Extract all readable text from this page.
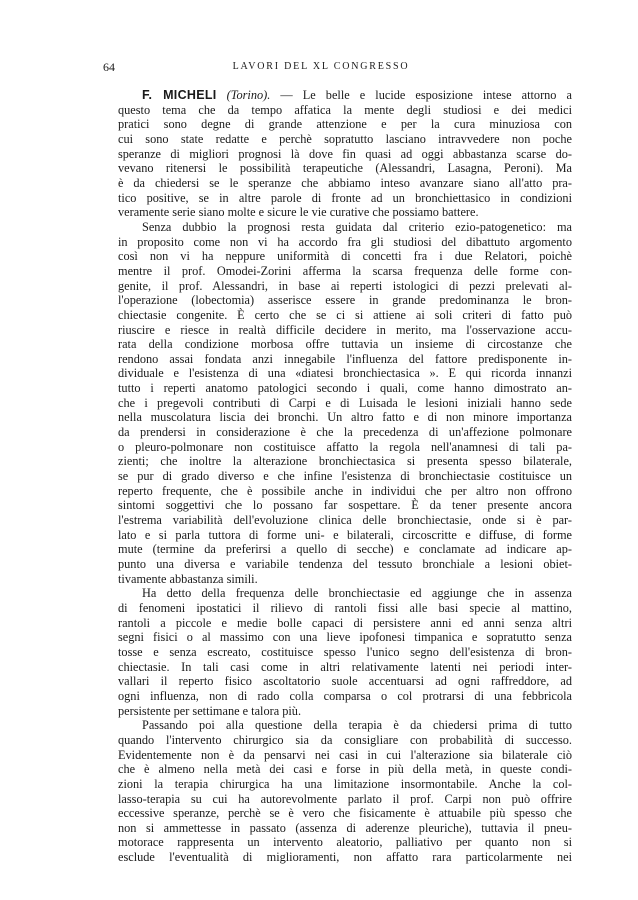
64	LAVORI DEL XL CONGRESSO
F. MICHELI (Torino). — Le belle e lucide esposizione intese attorno a
questo tema che da tempo affatica la mente degli studiosi e dei medici
pratici sono degne di grande attenzione e per la cura minuziosa con
cui sono state redatte e perchè sopratutto lasciano intravvedere non poche
speranze di migliori prognosi là dove fin quasi ad oggi abbastanza scarse do-
vevano ritenersi le possibilità terapeutiche (Alessandri, Lasagna, Peroni). Ma
è da chiedersi se le speranze che abbiamo inteso avanzare siano all'atto pra-
tico positive, se in altre parole di fronte ad un bronchiettasico in condizioni
veramente serie siano molte e sicure le vie curative che possiamo battere.
Senza dubbio la prognosi resta guidata dal criterio ezio-patogenetico: ma
in proposito come non vi ha accordo fra gli studiosi del dibattuto argomento
così non vi ha neppure uniformità di concetti fra i due Relatori, poichè
mentre il prof. Omodei-Zorini afferma la scarsa frequenza delle forme con-
genite, il prof. Alessandri, in base ai reperti istologici di pezzi prelevati al-
l'operazione (lobectomia) asserisce essere in grande predominanza le bron-
chiectasie congenite. È certo che se ci si attiene ai soli criteri di fatto può
riuscire e riesce in realtà difficile decidere in merito, ma l'osservazione accu-
rata della condizione morbosa offre tuttavia un insieme di circostanze che
rendono assai fondata anzi innegabile l'influenza del fattore predisponente in-
dividuale e l'esistenza di una «diatesi bronchiectasica ». E qui ricorda innanzi
tutto i reperti anatomo patologici secondo i quali, come hanno dimostrato an-
che i pregevoli contributi di Carpi e di Luisada le lesioni iniziali hanno sede
nella muscolatura liscia dei bronchi. Un altro fatto e di non minore importanza
da prendersi in considerazione è che la precedenza di un'affezione polmonare
o pleuro-polmonare non costituisce affatto la regola nell'anamnesi di tali pa-
zienti; che inoltre la alterazione bronchiectasica si presenta spesso bilaterale,
se pur di grado diverso e che infine l'esistenza di bronchiectasie costituisce un
reperto frequente, che è possibile anche in individui che per altro non offrono
sintomi soggettivi che lo possano far sospettare. È da tener presente ancora
l'estrema variabilità dell'evoluzione clinica delle bronchiectasie, onde si è par-
lato e si parla tuttora di forme uni- e bilaterali, circoscritte e diffuse, di forme
mute (termine da preferirsi a quello di secche) e conclamate ad indicare ap-
punto una diversa e variabile tendenza del tessuto bronchiale a lesioni obiet-
tivamente abbastanza simili.
Ha detto della frequenza delle bronchiectasie ed aggiunge che in assenza
di fenomeni ipostatici il rilievo di rantoli fissi alle basi specie al mattino,
rantoli a piccole e medie bolle capaci di persistere anni ed anni senza altri
segni fisici o al massimo con una lieve ipofonesi timpanica e sopratutto senza
tosse e senza escreato, costituisce spesso l'unico segno dell'esistenza di bron-
chiectasie. In tali casi come in altri relativamente latenti nei periodi inter-
vallari il reperto fisico ascoltatorio suole accentuarsi ad ogni raffreddore, ad
ogni influenza, non di rado colla comparsa o col protrarsi di una febbricola
persistente per settimane e talora più.
Passando poi alla questione della terapia è da chiedersi prima di tutto
quando l'intervento chirurgico sia da consigliare con probabilità di successo.
Evidentemente non è da pensarvi nei casi in cui l'alterazione sia bilaterale ciò
che è almeno nella metà dei casi e forse in più della metà, in queste condi-
zioni la terapia chirurgica ha una limitazione insormontabile. Anche la col-
lasso-terapia su cui ha autorevolmente parlato il prof. Carpi non può offrire
eccessive speranze, perchè se è vero che fisicamente è attuabile più spesso che
non si ammettesse in passato (assenza di aderenze pleuriche), tuttavia il pneu-
motorace rappresenta un intervento aleatorio, palliativo per quanto non si
esclude l'eventualità di miglioramenti, non affatto rara particolarmente nei
